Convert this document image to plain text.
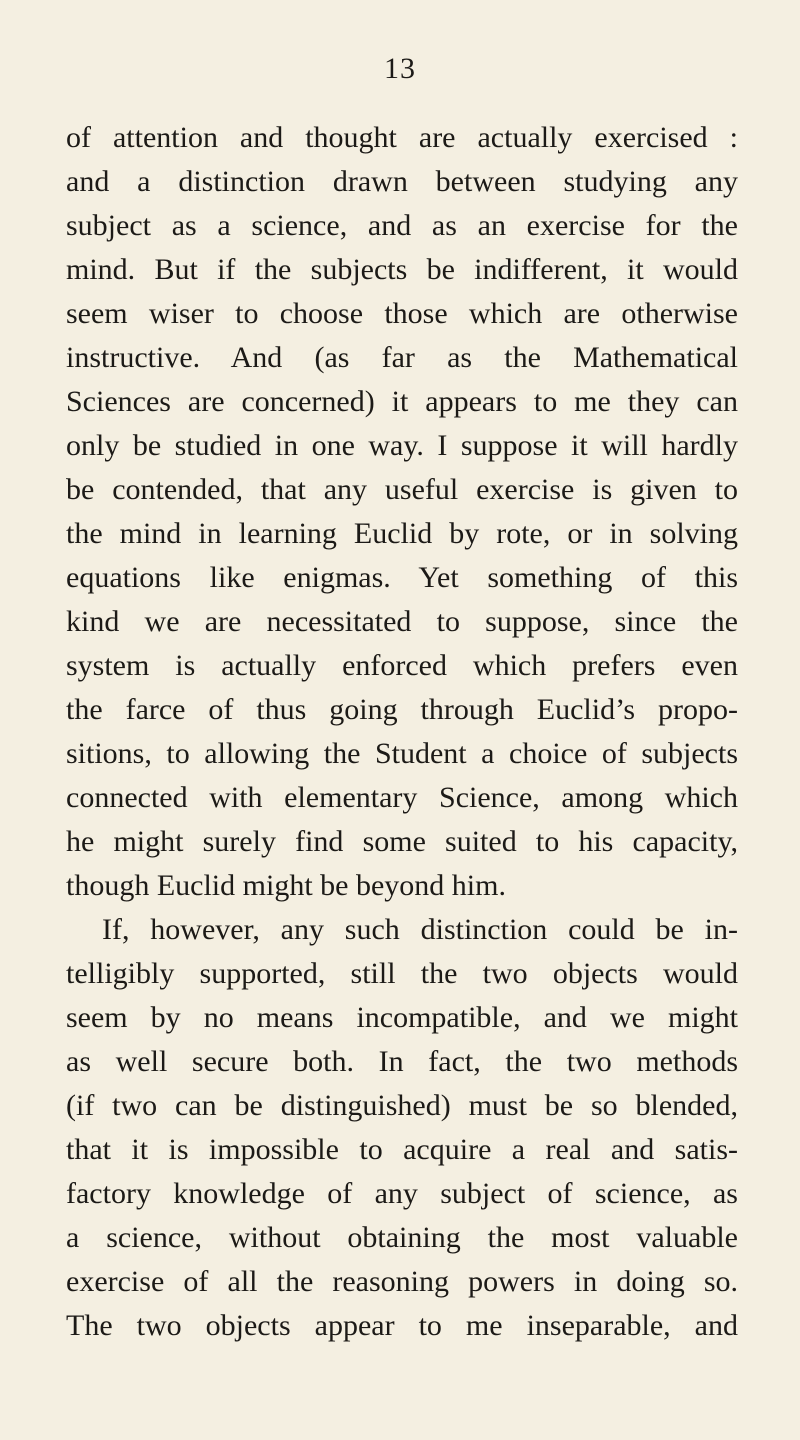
13
of attention and thought are actually exercised :
and a distinction drawn between studying any
subject as a science, and as an exercise for the
mind. But if the subjects be indifferent, it would
seem wiser to choose those which are otherwise
instructive. And (as far as the Mathematical
Sciences are concerned) it appears to me they can
only be studied in one way. I suppose it will hardly
be contended, that any useful exercise is given to
the mind in learning Euclid by rote, or in solving
equations like enigmas. Yet something of this
kind we are necessitated to suppose, since the
system is actually enforced which prefers even
the farce of thus going through Euclid’s propo-
sitions, to allowing the Student a choice of subjects
connected with elementary Science, among which
he might surely find some suited to his capacity,
though Euclid might be beyond him.
If, however, any such distinction could be in-
telligibly supported, still the two objects would
seem by no means incompatible, and we might
as well secure both. In fact, the two methods
(if two can be distinguished) must be so blended,
that it is impossible to acquire a real and satis-
factory knowledge of any subject of science, as
a science, without obtaining the most valuable
exercise of all the reasoning powers in doing so.
The two objects appear to me inseparable, and
